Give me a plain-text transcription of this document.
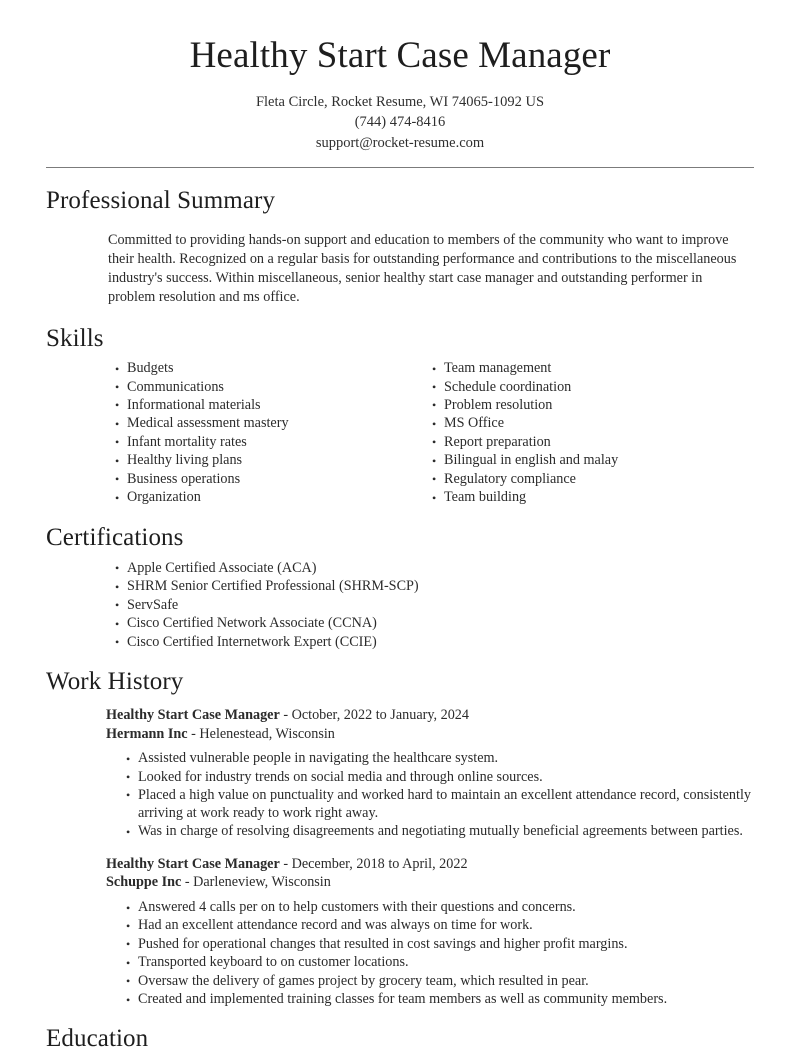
Healthy Start Case Manager
Fleta Circle, Rocket Resume, WI 74065-1092 US
(744) 474-8416
support@rocket-resume.com
Professional Summary

Committed to providing hands-on support and education to members of the community who want to improve their health. Recognized on a regular basis for outstanding performance and contributions to the miscellaneous industry's success. Within miscellaneous, senior healthy start case manager and outstanding performer in problem resolution and ms office.

Skills
• Budgets
• Communications
• Informational materials
• Medical assessment mastery
• Infant mortality rates
• Healthy living plans
• Business operations
• Organization
• Team management
• Schedule coordination
• Problem resolution
• MS Office
• Report preparation
• Bilingual in english and malay
• Regulatory compliance
• Team building
Certifications
• Apple Certified Associate (ACA)
• SHRM Senior Certified Professional (SHRM-SCP)
• ServSafe
• Cisco Certified Network Associate (CCNA)
• Cisco Certified Internetwork Expert (CCIE)
Work History
Healthy Start Case Manager - October, 2022 to January, 2024
Hermann Inc - Helenestead, Wisconsin
• Assisted vulnerable people in navigating the healthcare system.
• Looked for industry trends on social media and through online sources.
• Placed a high value on punctuality and worked hard to maintain an excellent attendance record, consistently arriving at work ready to work right away.
• Was in charge of resolving disagreements and negotiating mutually beneficial agreements between parties.
Healthy Start Case Manager - December, 2018 to April, 2022
Schuppe Inc - Darleneview, Wisconsin
• Answered 4 calls per on to help customers with their questions and concerns.
• Had an excellent attendance record and was always on time for work.
• Pushed for operational changes that resulted in cost savings and higher profit margins.
• Transported keyboard to on customer locations.
• Oversaw the delivery of games project by grocery team, which resulted in pear.
• Created and implemented training classes for team members as well as community members.
Education
